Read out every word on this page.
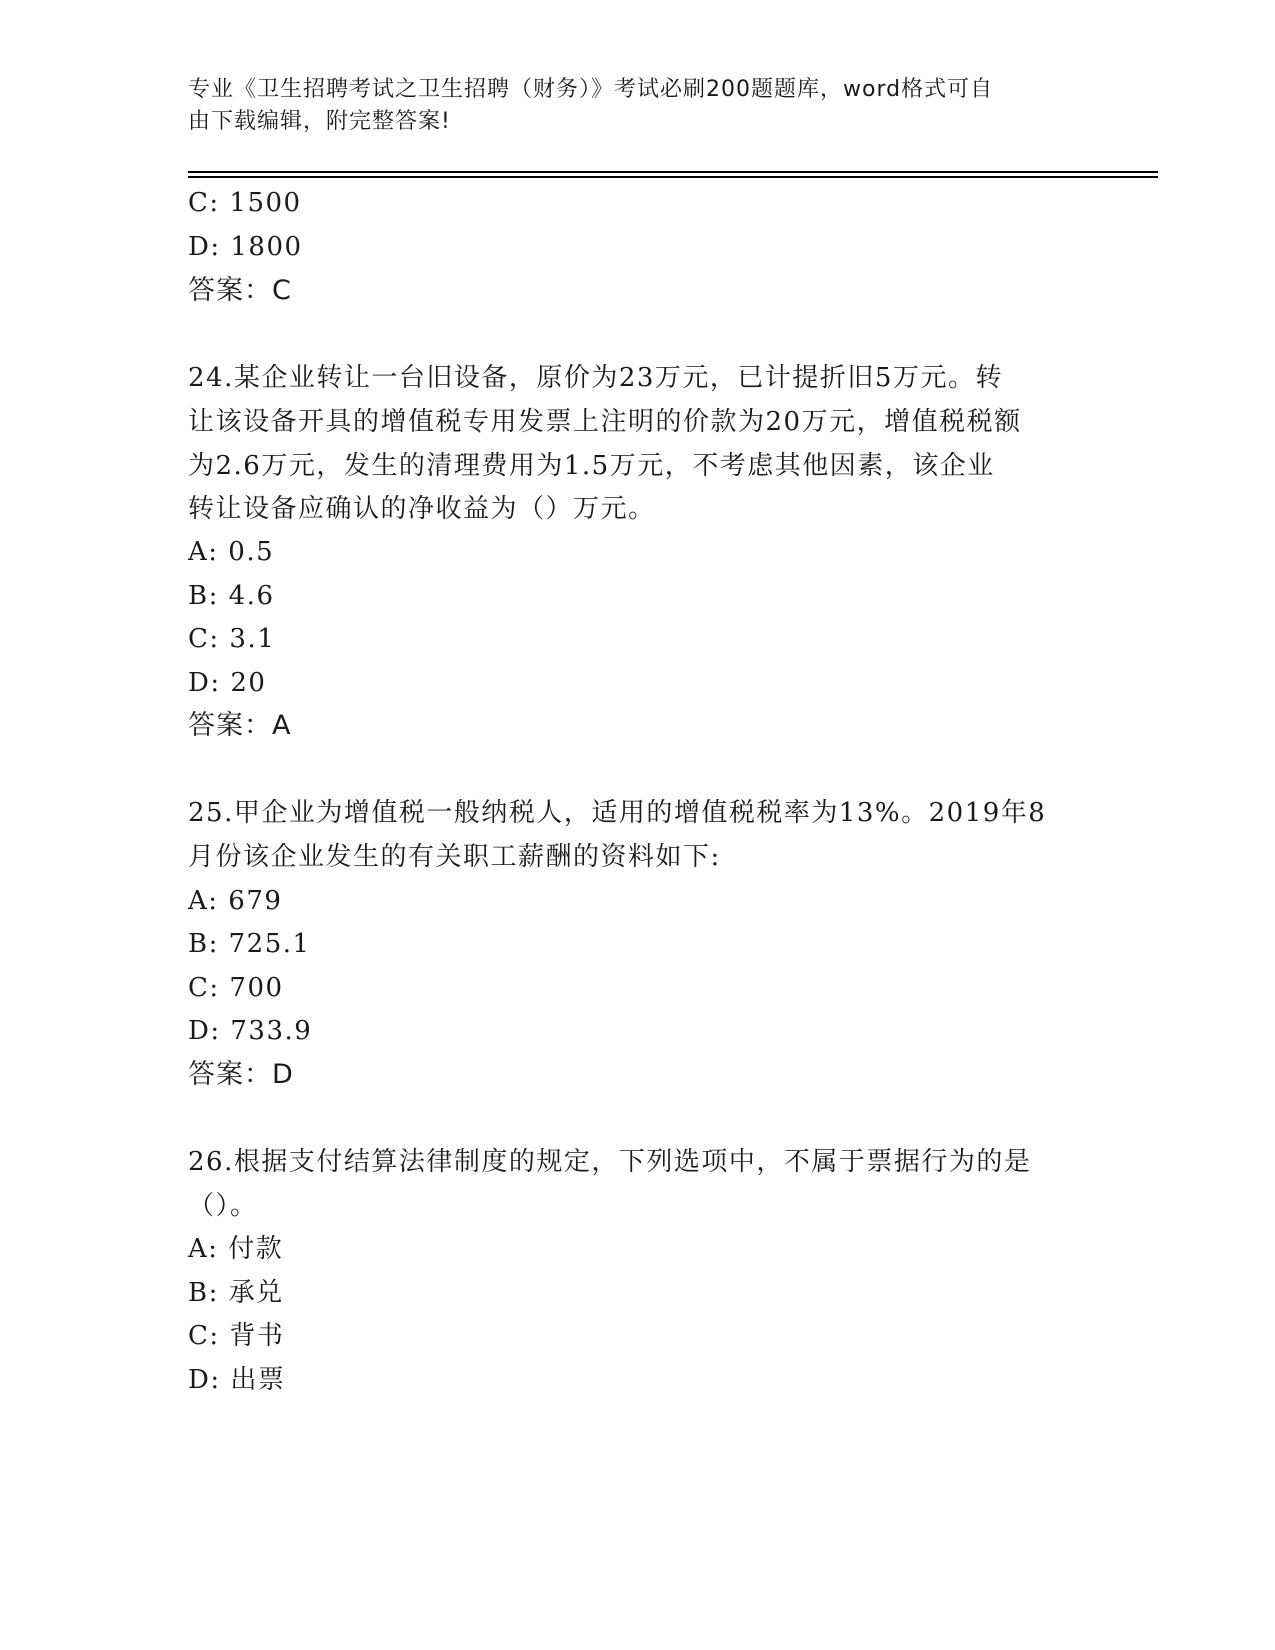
专业《卫生招聘考试之卫生招聘（财务）》考试必刷200题题库，word格式可自
由下载编辑，附完整答案!
C: 1500
D: 1800
答案：C
24.某企业转让一台旧设备，原价为23万元，已计提折旧5万元。转
让该设备开具的增值税专用发票上注明的价款为20万元，增值税税额
为2.6万元，发生的清理费用为1.5万元，不考虑其他因素，该企业
转让设备应确认的净收益为（）万元。
A: 0.5
B: 4.6
C: 3.1
D: 20
答案：A
25.甲企业为增值税一般纳税人，适用的增值税税率为13%。2019年8
月份该企业发生的有关职工薪酬的资料如下:
A: 679
B: 725.1
C: 700
D: 733.9
答案：D
26.根据支付结算法律制度的规定，下列选项中，不属于票据行为的是
（）。
A: 付款
B: 承兑
C: 背书
D: 出票
